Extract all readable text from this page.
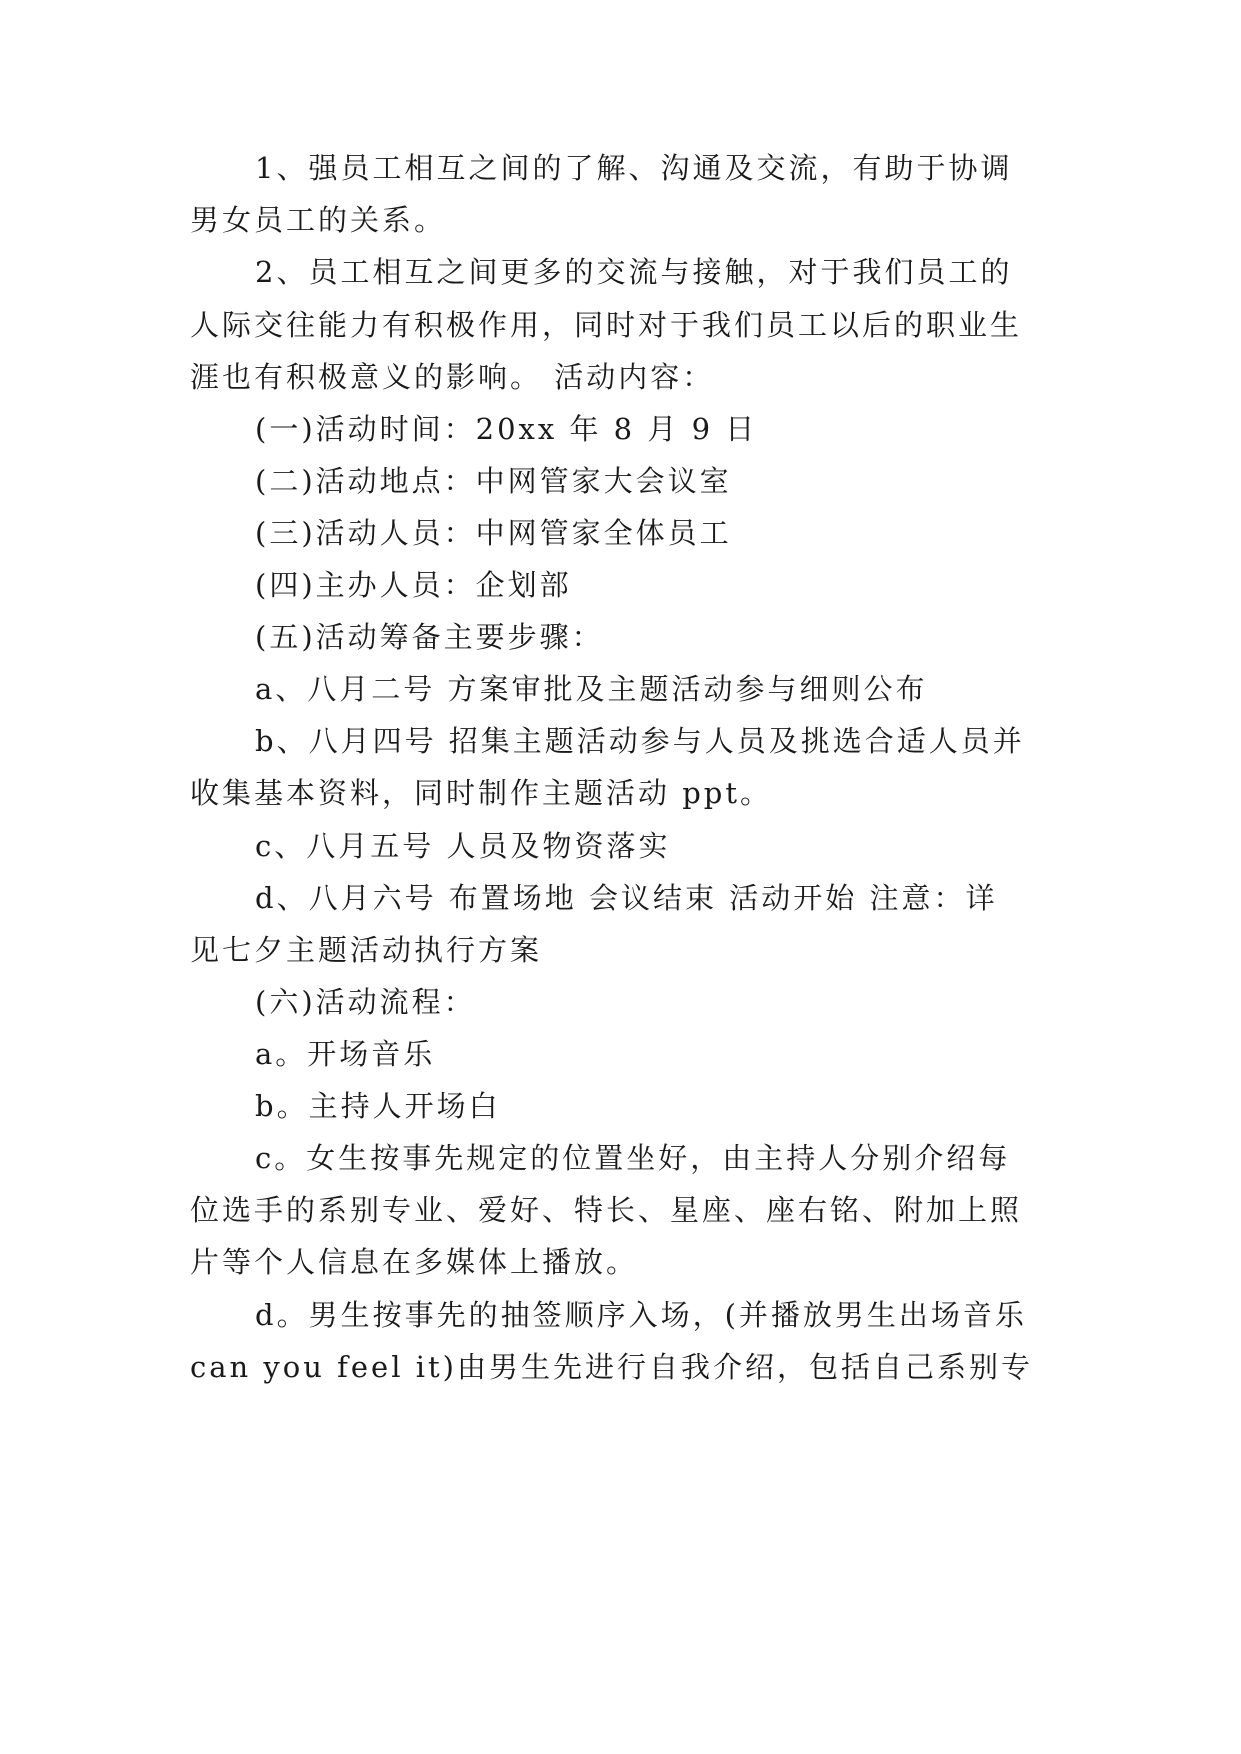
1、强员工相互之间的了解、沟通及交流，有助于协调
男女员工的关系。
2、员工相互之间更多的交流与接触，对于我们员工的
人际交往能力有积极作用，同时对于我们员工以后的职业生
涯也有积极意义的影响。 活动内容：
(一)活动时间：20xx 年 8 月 9 日
(二)活动地点：中网管家大会议室
(三)活动人员：中网管家全体员工
(四)主办人员：企划部
(五)活动筹备主要步骤：
a、八月二号 方案审批及主题活动参与细则公布
b、八月四号 招集主题活动参与人员及挑选合适人员并
收集基本资料，同时制作主题活动 ppt。
c、八月五号 人员及物资落实
d、八月六号 布置场地 会议结束 活动开始 注意：详
见七夕主题活动执行方案
(六)活动流程：
a。开场音乐
b。主持人开场白
c。女生按事先规定的位置坐好，由主持人分别介绍每
位选手的系别专业、爱好、特长、星座、座右铭、附加上照
片等个人信息在多媒体上播放。
d。男生按事先的抽签顺序入场，(并播放男生出场音乐
can you feel it)由男生先进行自我介绍，包括自己系别专
